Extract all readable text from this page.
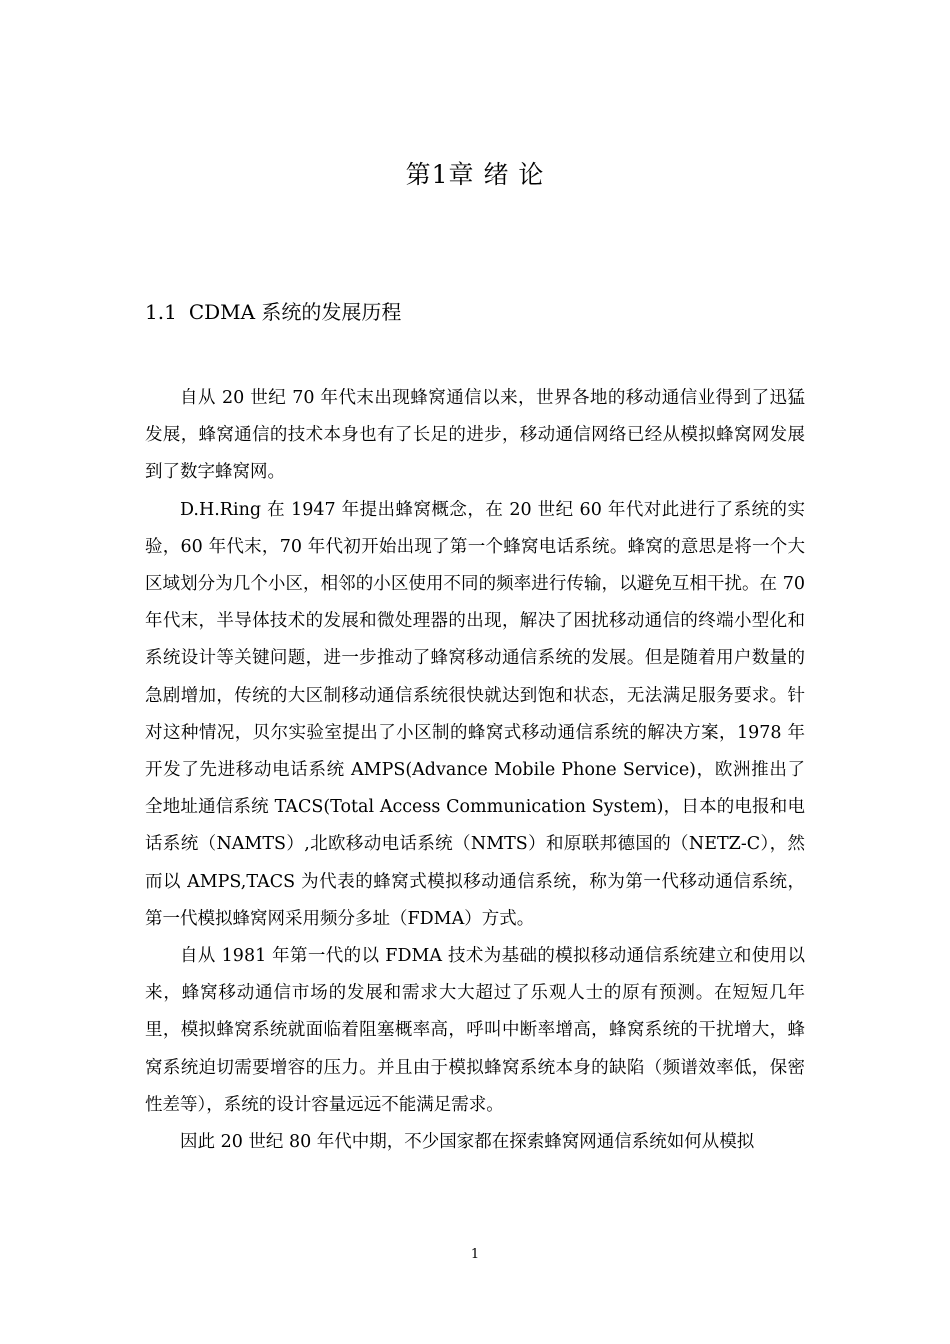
第1章 绪 论
1.1 CDMA 系统的发展历程

自从 20 世纪 70 年代末出现蜂窝通信以来，世界各地的移动通信业得到了迅猛发展，蜂窝通信的技术本身也有了长足的进步，移动通信网络已经从模拟蜂窝网发展到了数字蜂窝网。

D.H.Ring 在 1947 年提出蜂窝概念，在 20 世纪 60 年代对此进行了系统的实验，60 年代末，70 年代初开始出现了第一个蜂窝电话系统。蜂窝的意思是将一个大区域划分为几个小区，相邻的小区使用不同的频率进行传输，以避免互相干扰。在 70 年代末，半导体技术的发展和微处理器的出现，解决了困扰移动通信的终端小型化和系统设计等关键问题，进一步推动了蜂窝移动通信系统的发展。但是随着用户数量的急剧增加，传统的大区制移动通信系统很快就达到饱和状态，无法满足服务要求。针对这种情况，贝尔实验室提出了小区制的蜂窝式移动通信系统的解决方案，1978 年开发了先进移动电话系统 AMPS(Advance Mobile Phone Service)，欧洲推出了全地址通信系统 TACS(Total Access Communication System)，日本的电报和电话系统（NAMTS）,北欧移动电话系统（NMTS）和原联邦德国的（NETZ-C），然而以 AMPS,TACS 为代表的蜂窝式模拟移动通信系统，称为第一代移动通信系统，第一代模拟蜂窝网采用频分多址（FDMA）方式。

自从 1981 年第一代的以 FDMA 技术为基础的模拟移动通信系统建立和使用以来，蜂窝移动通信市场的发展和需求大大超过了乐观人士的原有预测。在短短几年里，模拟蜂窝系统就面临着阻塞概率高，呼叫中断率增高，蜂窝系统的干扰增大，蜂窝系统迫切需要增容的压力。并且由于模拟蜂窝系统本身的缺陷（频谱效率低，保密性差等），系统的设计容量远远不能满足需求。

因此 20 世纪 80 年代中期，不少国家都在探索蜂窝网通信系统如何从模拟

1
